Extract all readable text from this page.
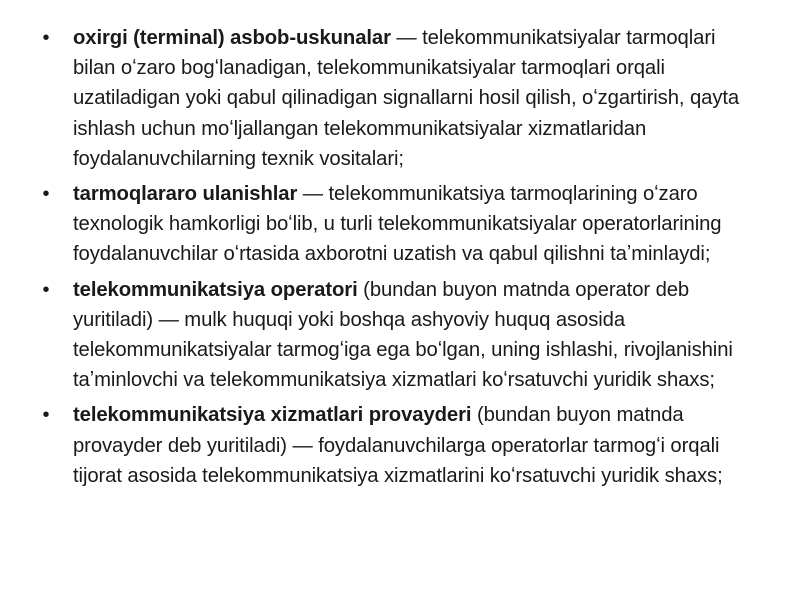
• oxirgi (terminal) asbob-uskunalar — telekommunikatsiyalar tarmoqlari bilan oʻzaro bogʻlanadigan, telekommunikatsiyalar tarmoqlari orqali uzatiladigan yoki qabul qilinadigan signallarni hosil qilish, oʻzgartirish, qayta ishlash uchun moʻljallangan telekommunikatsiyalar xizmatlaridan foydalanuvchilarning texnik vositalari;
• tarmoqlararo ulanishlar — telekommunikatsiya tarmoqlarining oʻzaro texnologik hamkorligi boʻlib, u turli telekommunikatsiyalar operatorlarining foydalanuvchilar oʻrtasida axborotni uzatish va qabul qilishni taʼminlaydi;
• telekommunikatsiya operatori (bundan buyon matnda operator deb yuritiladi) — mulk huquqi yoki boshqa ashyoviy huquq asosida telekommunikatsiyalar tarmogʻiga ega boʻlgan, uning ishlashi, rivojlanishini taʼminlovchi va telekommunikatsiya xizmatlari koʻrsatuvchi yuridik shaxs;
• telekommunikatsiya xizmatlari provayderi (bundan buyon matnda provayder deb yuritiladi) — foydalanuvchilarga operatorlar tarmogʻi orqali tijorat asosida telekommunikatsiya xizmatlarini koʻrsatuvchi yuridik shaxs;
